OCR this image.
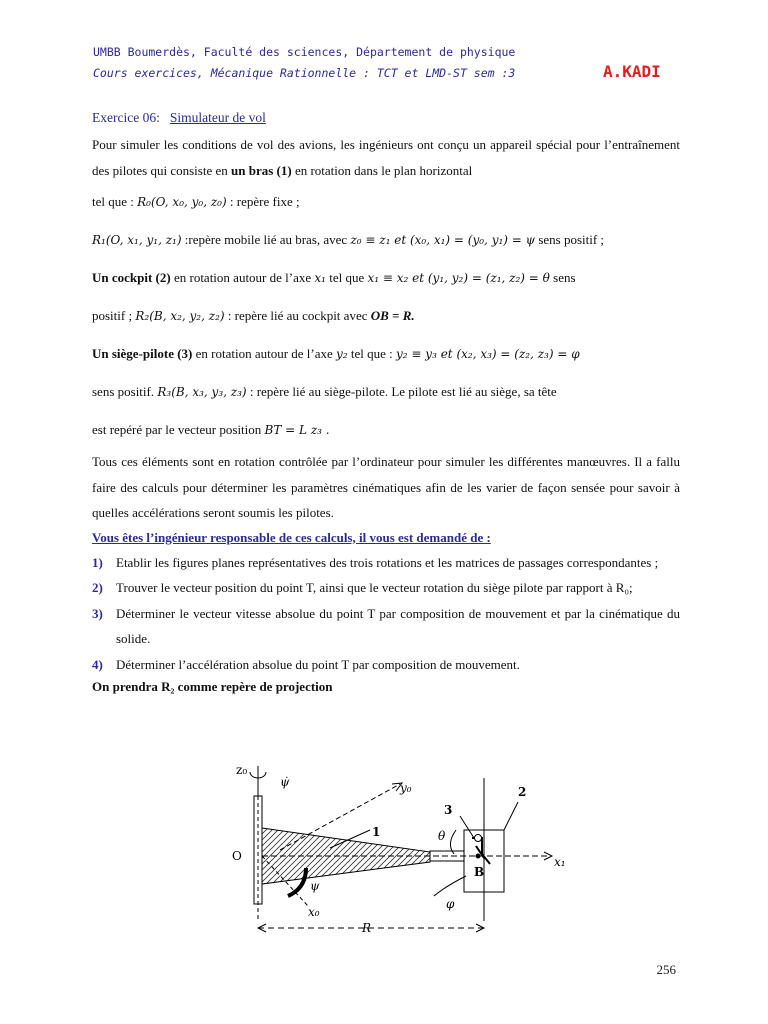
UMBB Boumerdès, Faculté des sciences, Département de physique
Cours exercices, Mécanique Rationnelle : TCT et LMD-ST sem :3	A.KADI
Exercice 06: Simulateur de vol

Pour simuler les conditions de vol des avions, les ingénieurs ont conçu un appareil spécial pour l’entraînement des pilotes qui consiste en un bras (1) en rotation dans le plan horizontal

tel que : R₀(O, x₀, y₀, z₀) : repère fixe ;

R₁(O, x₁, y₁, z₁) :repère mobile lié au bras, avec z₀ ≡ z₁ et (x₀, x₁) = (y₀, y₁) = ψ sens positif ;

Un cockpit (2) en rotation autour de l’axe x₁ tel que x₁ ≡ x₂ et (y₁, y₂) = (z₁, z₂) = θ sens

positif ; R₂(B, x₂, y₂, z₂) : repère lié au cockpit avec OB = R.

Un siège-pilote (3) en rotation autour de l’axe y₂ tel que : y₂ ≡ y₃ et (x₂, x₃) = (z₂, z₃) = φ

sens positif. R₃(B, x₃, y₃, z₃) : repère lié au siège-pilote. Le pilote est lié au siège, sa tête

est repéré par le vecteur position BT = L z₃ .

Tous ces éléments sont en rotation contrôlée par l’ordinateur pour simuler les différentes manœuvres. Il a fallu faire des calculs pour déterminer les paramètres cinématiques afin de les varier de façon sensée pour savoir à quelles accélérations seront soumis les pilotes.

Vous êtes l’ingénieur responsable de ces calculs, il vous est demandé de :
1) Etablir les figures planes représentatives des trois rotations et les matrices de passages correspondantes ;
2) Trouver le vecteur position du point T, ainsi que le vecteur rotation du siège pilote par rapport à R₀;
3) Déterminer le vecteur vitesse absolue du point T par composition de mouvement et par la cinématique du solide.
4) Déterminer l’accélération absolue du point T par composition de mouvement.
On prendra R₂ comme repère de projection
z₀
ψ̇	y₀
1
2
3
θ
O
B
x₁
ψ
x₀
φ
R
256
